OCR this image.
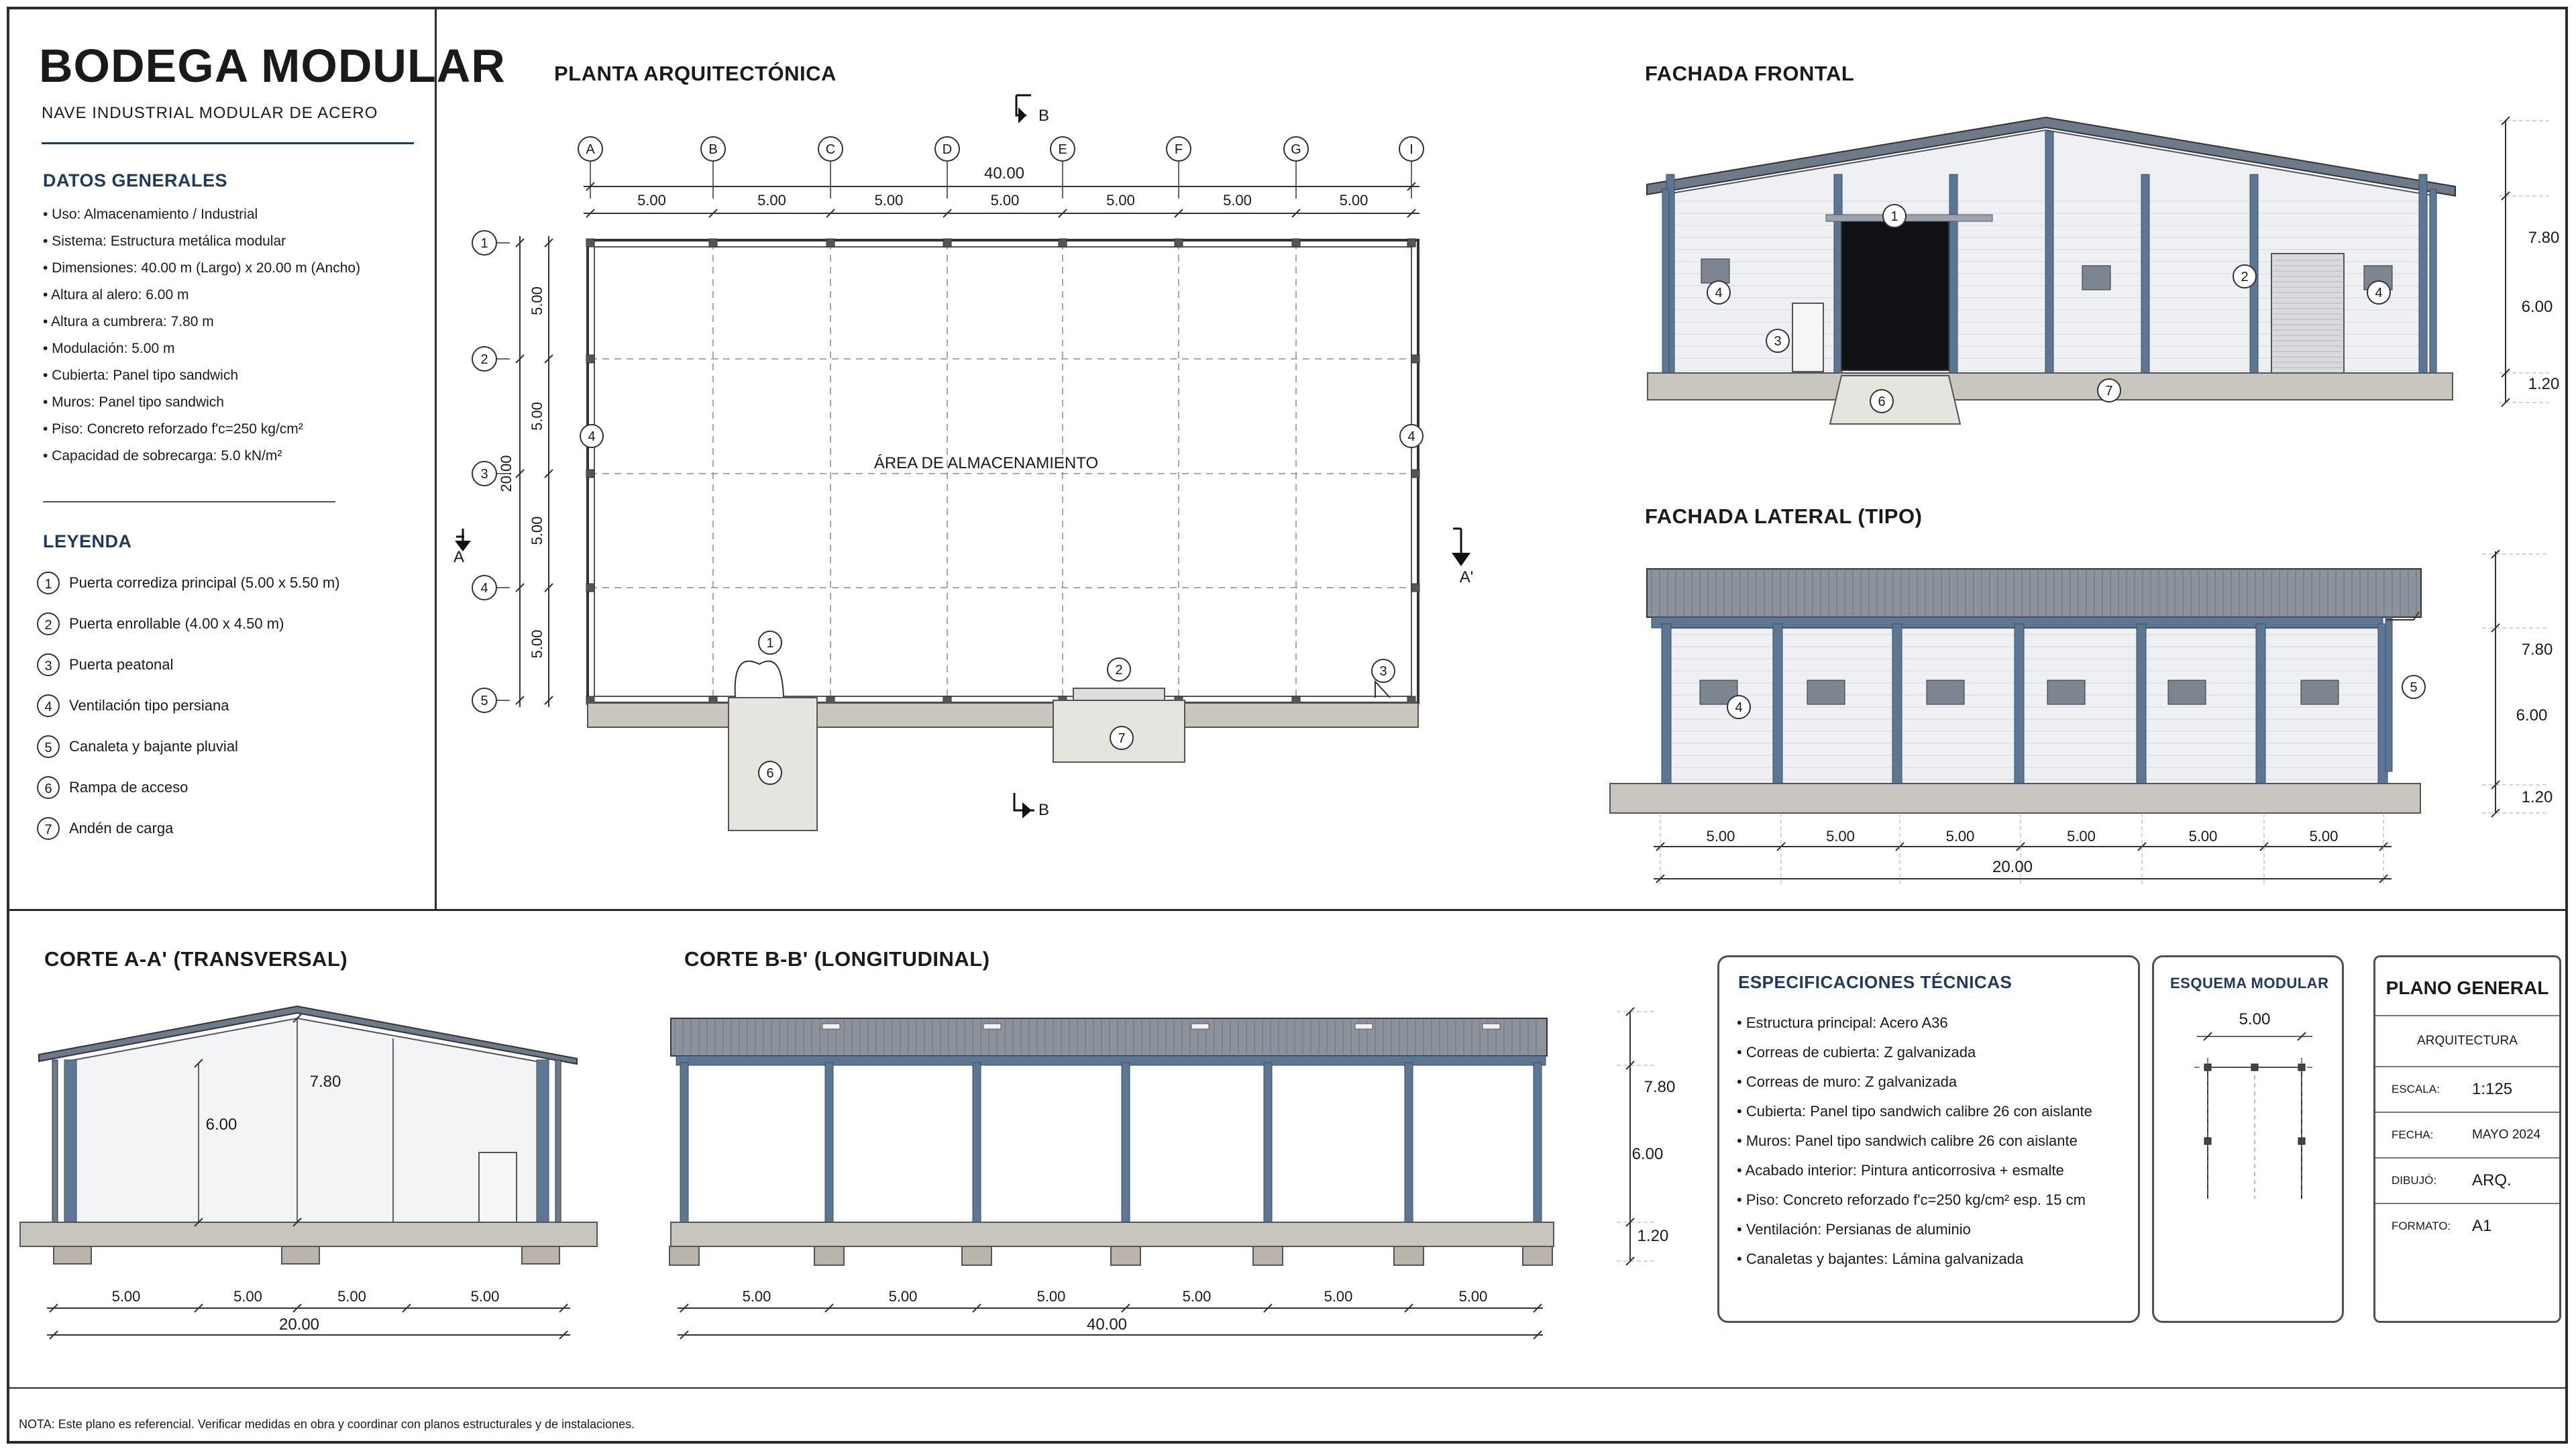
BODEGA MODULAR
NAVE INDUSTRIAL MODULAR DE ACERO
DATOS GENERALES
• Uso: Almacenamiento / Industrial
• Sistema: Estructura metálica modular
• Dimensiones: 40.00 m (Largo) x 20.00 m (Ancho)
• Altura al alero: 6.00 m
• Altura a cumbrera: 7.80 m
• Modulación: 5.00 m
• Cubierta: Panel tipo sandwich
• Muros: Panel tipo sandwich
• Piso: Concreto reforzado f'c=250 kg/cm²
• Capacidad de sobrecarga: 5.0 kN/m²
LEYENDA
1	Puerta corrediza principal (5.00 x 5.50 m)
2	Puerta enrollable (4.00 x 4.50 m)
3	Puerta peatonal
4	Ventilación tipo persiana
5	Canaleta y bajante pluvial
6	Rampa de acceso
7	Andén de carga
PLANTA ARQUITECTÓNICA	FACHADA FRONTAL
FACHADA LATERAL (TIPO)
CORTE A-A' (TRANSVERSAL)	CORTE B-B' (LONGITUDINAL)
A	B	C	D	E	F	G	I
40.00
5.00	5.00	5.00	5.00	5.00	5.00	5.00
1
2
3
4
5
20.00
5.00
5.00
5.00
5.00
ÁREA DE ALMACENAMIENTO
4	4
1
6
2
7
3
B
B
A
A'
1
3
2
4	4
7
6
7.80
6.00
1.20
4
5
7.80
6.00
1.20
5.00	5.00	5.00	5.00	5.00	5.00
20.00
6.00
7.80
5.00	5.00	5.00	5.00
20.00
7.80
6.00
1.20
5.00	5.00	5.00	5.00	5.00	5.00
40.00
ESPECIFICACIONES TÉCNICAS
• Estructura principal: Acero A36
• Correas de cubierta: Z galvanizada
• Correas de muro: Z galvanizada
• Cubierta: Panel tipo sandwich calibre 26 con aislante
• Muros: Panel tipo sandwich calibre 26 con aislante
• Acabado interior: Pintura anticorrosiva + esmalte
• Piso: Concreto reforzado f'c=250 kg/cm² esp. 15 cm
• Ventilación: Persianas de aluminio
• Canaletas y bajantes: Lámina galvanizada
ESQUEMA MODULAR
5.00
PLANO GENERAL
ARQUITECTURA
ESCALA:	1:125
FECHA:	MAYO 2024
DIBUJÓ:	ARQ.
FORMATO:	A1
NOTA: Este plano es referencial. Verificar medidas en obra y coordinar con planos estructurales y de instalaciones.
